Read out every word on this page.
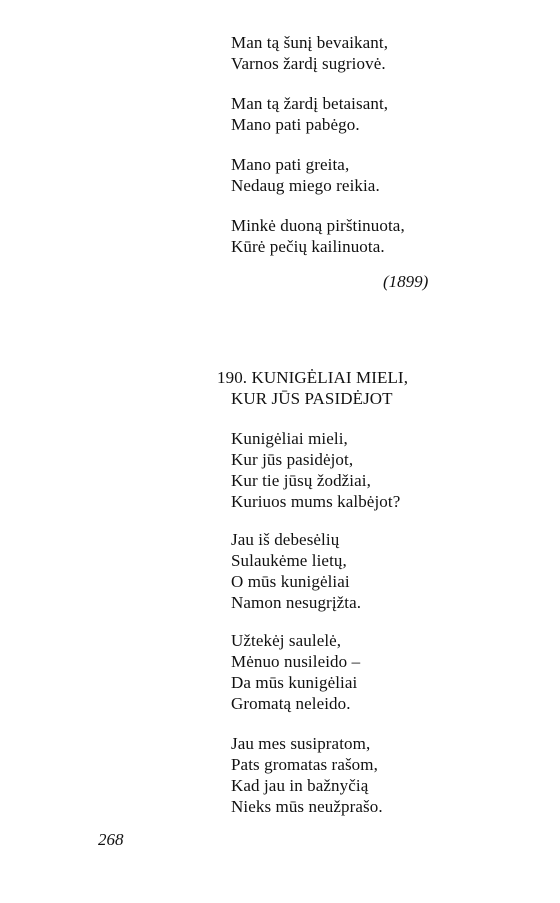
Man tą šunį bevaikant,
Varnos žardį sugriovė.
Man tą žardį betaisant,
Mano pati pabėgo.
Mano pati greita,
Nedaug miego reikia.
Minkė duoną pirštinuota,
Kūrė pečių kailinuota.
(1899)
190. KUNIGĖLIAI MIELI,
KUR JŪS PASIDĖJOT
Kunigėliai mieli,
Kur jūs pasidėjot,
Kur tie jūsų žodžiai,
Kuriuos mums kalbėjot?
Jau iš debesėlių
Sulaukėme lietų,
O mūs kunigėliai
Namon nesugrįžta.
Užtekėj saulelė,
Mėnuo nusileido –
Da mūs kunigėliai
Gromatą neleido.
Jau mes susipratom,
Pats gromatas rašom,
Kad jau in bažnyčią
Nieks mūs neužprašo.
268
